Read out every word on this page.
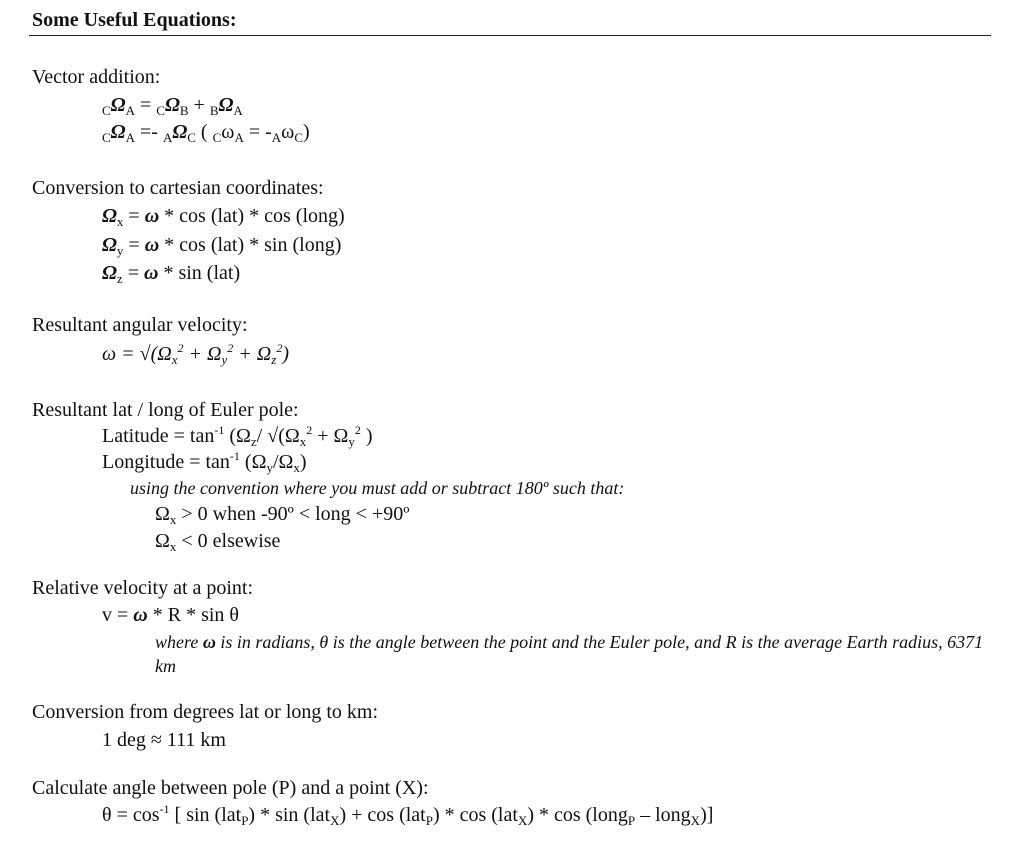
Some Useful Equations:
Vector addition:
$_C\Omega_A = _C\Omega_B + _B\Omega_A$
$_C\Omega_A =- _A\Omega_C$ ( $_C\omega_A = -_A\omega_C$)
Conversion to cartesian coordinates:
$\Omega_x = \omega * \cos (lat) * \cos$ (long)
$\Omega_y = \omega * \cos (lat) * \sin$ (long)
$\Omega_z = \omega * \sin (lat)$
Resultant angular velocity:
$\omega = √(\Omega_x^2 + \Omega_y^2 + \Omega_z^2)$
Resultant lat / long of Euler pole:
Latitude = $\tan^{-1} (\Omega_z/$ $√(\Omega_x^2 + \Omega_y^2$ )
Longitude = $\tan^{-1} (\Omega_y/\Omega_x)$
using the convention where you must add or subtract 180º such that:
$\Omega_x > 0$ when -90º < long < +90º
$\Omega_x < 0$ elsewise
Relative velocity at a point:
v = ω * R * sin θ
where ω is in radians, θ is the angle between the point and the Euler pole, and R is the average Earth radius, 6371 km
Conversion from degrees lat or long to km:
1 deg ≈ 111 km
Calculate angle between pole (P) and a point (X):
$\theta = \cos^{-1}$ [ sin (lat$_P$) * sin (lat$_X$) + cos (lat$_P$) * cos (lat$_X$) * cos (long$_P$ – long$_X$)]
